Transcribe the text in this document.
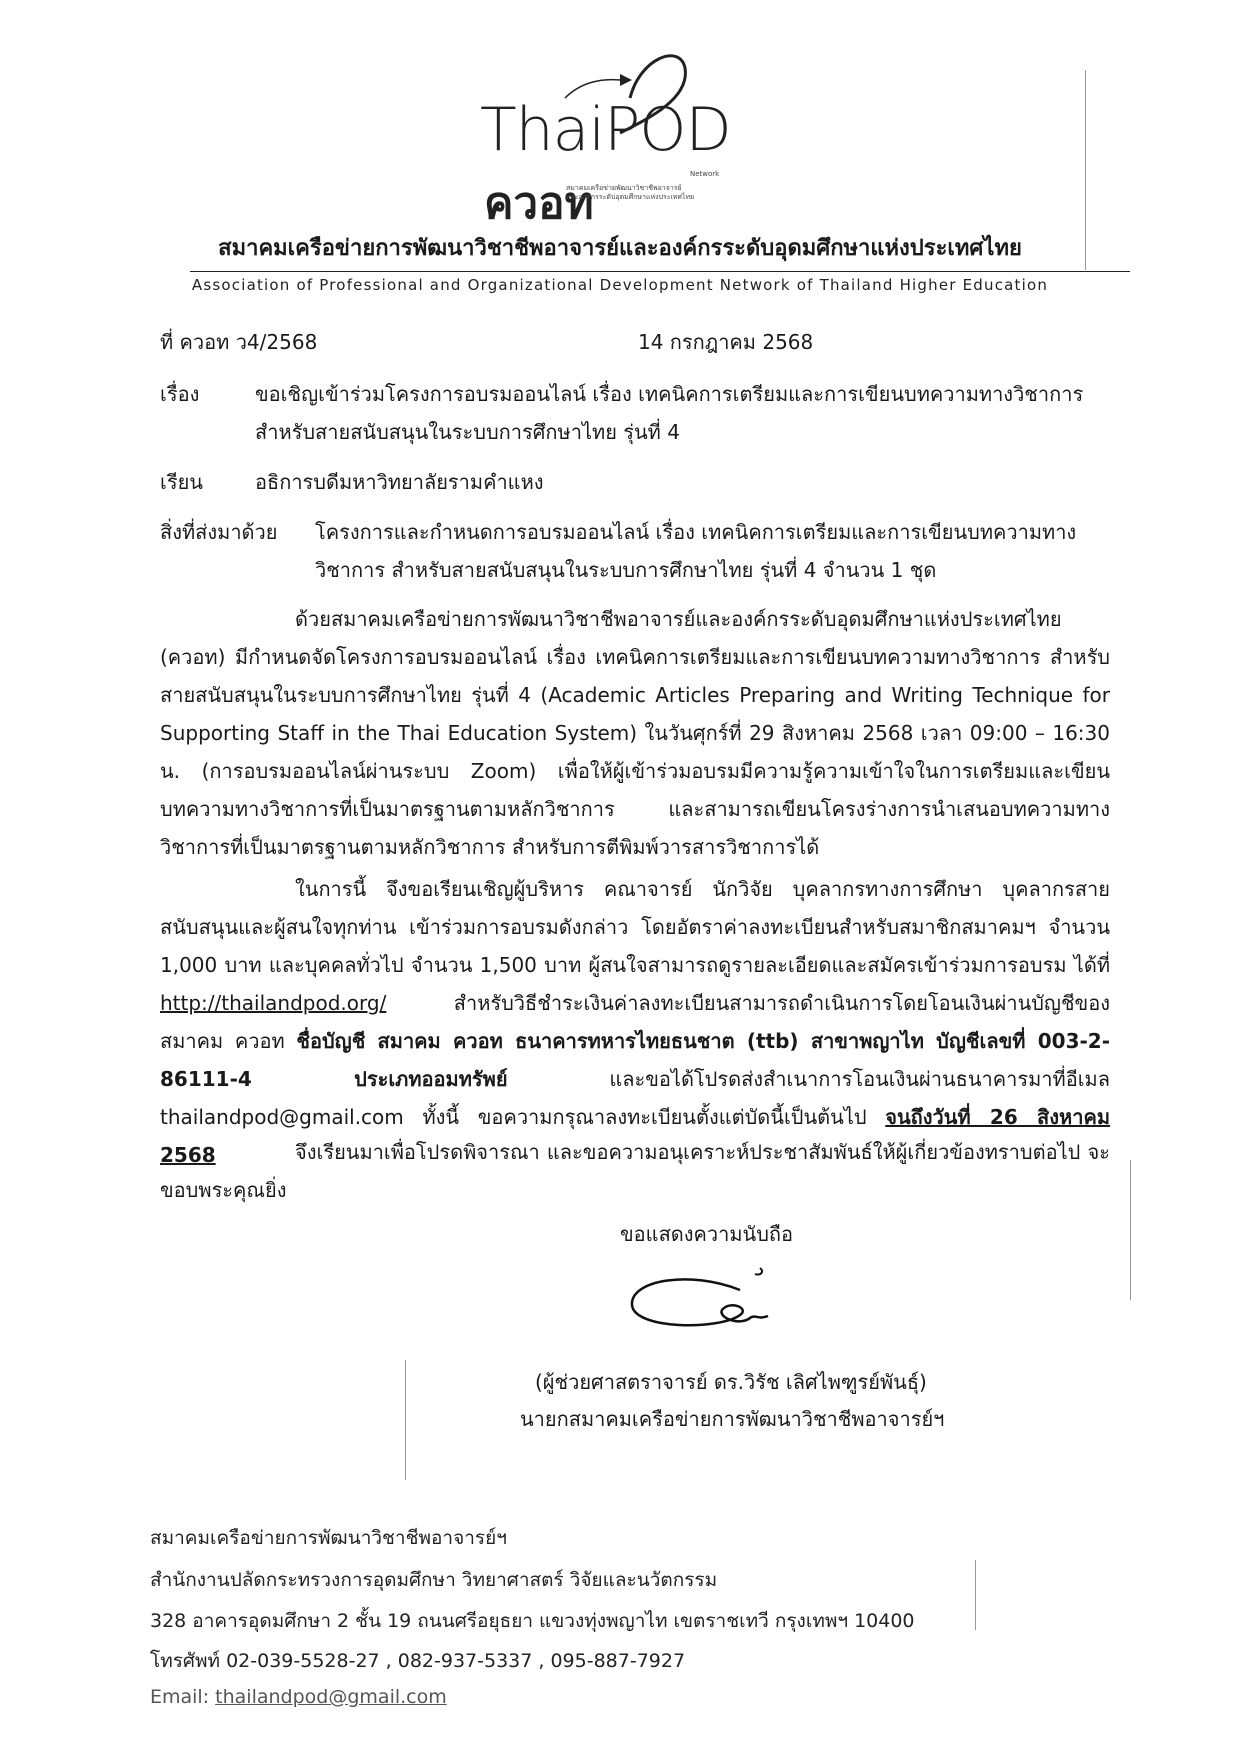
ThaiPOD
ควอท
Network
สมาคมเครือข่ายพัฒนาวิชาชีพอาจารย์
และองค์กรระดับอุดมศึกษาแห่งประเทศไทย
สมาคมเครือข่ายการพัฒนาวิชาชีพอาจารย์และองค์กรระดับอุดมศึกษาแห่งประเทศไทย
Association of Professional and Organizational Development Network of Thailand Higher Education
ที่ ควอท ว4/2568	14 กรกฎาคม 2568
เรื่อง	ขอเชิญเข้าร่วมโครงการอบรมออนไลน์ เรื่อง เทคนิคการเตรียมและการเขียนบทความทางวิชาการ
สำหรับสายสนับสนุนในระบบการศึกษาไทย รุ่นที่ 4
เรียน	อธิการบดีมหาวิทยาลัยรามคำแหง
สิ่งที่ส่งมาด้วย โครงการและกำหนดการอบรมออนไลน์ เรื่อง เทคนิคการเตรียมและการเขียนบทความทาง
วิชาการ สำหรับสายสนับสนุนในระบบการศึกษาไทย รุ่นที่ 4 จำนวน 1 ชุด
ด้วยสมาคมเครือข่ายการพัฒนาวิชาชีพอาจารย์และองค์กรระดับอุดมศึกษาแห่งประเทศไทย (ควอท) มีกำหนดจัดโครงการอบรมออนไลน์ เรื่อง เทคนิคการเตรียมและการเขียนบทความทางวิชาการ สำหรับสายสนับสนุนในระบบการศึกษาไทย รุ่นที่ 4 (Academic Articles Preparing and Writing Technique for Supporting Staff in the Thai Education System) ในวันศุกร์ที่ 29 สิงหาคม 2568 เวลา 09:00 – 16:30 น. (การอบรมออนไลน์ผ่านระบบ Zoom) เพื่อให้ผู้เข้าร่วมอบรมมีความรู้ความเข้าใจในการเตรียมและเขียนบทความทางวิชาการที่เป็นมาตรฐานตามหลักวิชาการ และสามารถเขียนโครงร่างการนำเสนอบทความทางวิชาการที่เป็นมาตรฐานตามหลักวิชาการ สำหรับการตีพิมพ์วารสารวิชาการได้
ในการนี้ จึงขอเรียนเชิญผู้บริหาร คณาจารย์ นักวิจัย บุคลากรทางการศึกษา บุคลากรสายสนับสนุนและผู้สนใจทุกท่าน เข้าร่วมการอบรมดังกล่าว โดยอัตราค่าลงทะเบียนสำหรับสมาชิกสมาคมฯ จำนวน 1,000 บาท และบุคคลทั่วไป จำนวน 1,500 บาท ผู้สนใจสามารถดูรายละเอียดและสมัครเข้าร่วมการอบรม ได้ที่ http://thailandpod.org/	สำหรับวิธีชำระเงินค่าลงทะเบียนสามารถดำเนินการโดยโอนเงินผ่านบัญชีของสมาคม ควอท ชื่อบัญชี สมาคม ควอท ธนาคารทหารไทยธนชาต (ttb) สาขาพญาไท บัญชีเลขที่ 003-2-86111-4 ประเภทออมทรัพย์	และขอได้โปรดส่งสำเนาการโอนเงินผ่านธนาคารมาที่อีเมล thailandpod@gmail.com ทั้งนี้ ขอความกรุณาลงทะเบียนตั้งแต่บัดนี้เป็นต้นไป จนถึงวันที่ 26 สิงหาคม 2568	จึงเรียนมาเพื่อโปรดพิจารณา และขอความอนุเคราะห์ประชาสัมพันธ์ให้ผู้เกี่ยวข้องทราบต่อไป จะขอบพระคุณยิ่ง
ขอแสดงความนับถือ
(ผู้ช่วยศาสตราจารย์ ดร.วิรัช เลิศไพฑูรย์พันธุ์)
นายกสมาคมเครือข่ายการพัฒนาวิชาชีพอาจารย์ฯ
สมาคมเครือข่ายการพัฒนาวิชาชีพอาจารย์ฯ
สำนักงานปลัดกระทรวงการอุดมศึกษา วิทยาศาสตร์ วิจัยและนวัตกรรม
328 อาคารอุดมศึกษา 2 ชั้น 19 ถนนศรีอยุธยา แขวงทุ่งพญาไท เขตราชเทวี กรุงเทพฯ 10400
โทรศัพท์ 02-039-5528-27 , 082-937-5337 , 095-887-7927
Email: thailandpod@gmail.com
